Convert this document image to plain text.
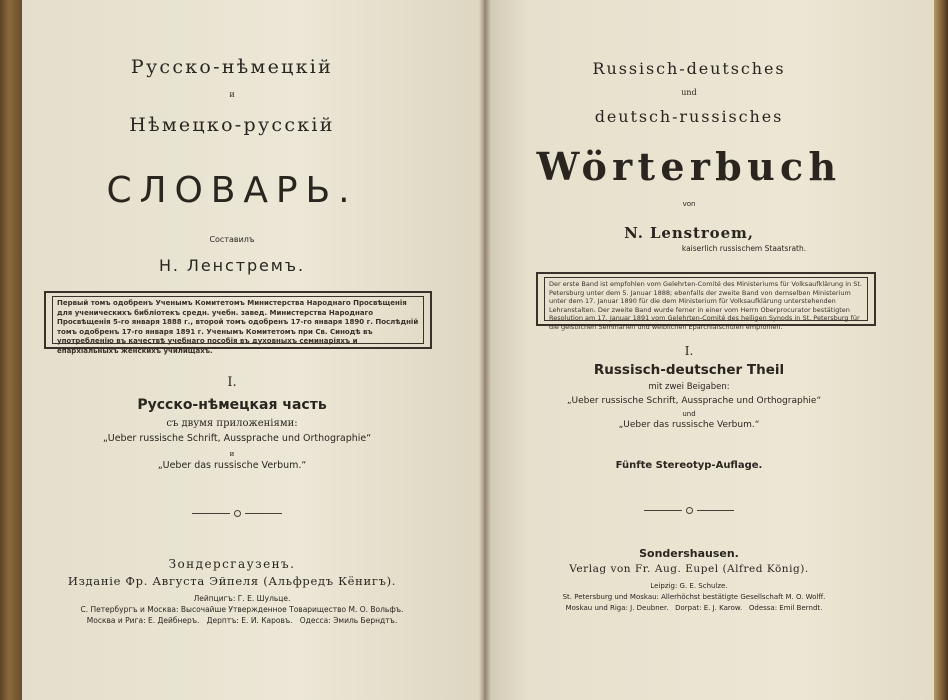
Русско-нѣмецкiй
и
Нѣмецко-русскiй
СЛОВАРЬ.
Составилъ
Н. Ленстремъ.
Первый томъ одобренъ Ученымъ Комитетомъ Министерства Народнаго Просвѣщенiя для ученическихъ библiотекъ средн. учебн. завед. Министерства Народнаго Просвѣщенiя 5-го января 1888 г., второй томъ одобренъ 17-го января 1890 г. Послѣднiй томъ одобренъ 17-го января 1891 г. Ученымъ Комитетомъ при Св. Синодѣ въ употребленiю въ качествѣ учебнаго пособiя въ духовныхъ семинарiяхъ и епархiальныхъ женскихъ училищахъ.
I.
Русско-нѣмецкая часть
съ двумя приложенiями:
„Ueber russische Schrift, Aussprache und Orthographie“
и
„Ueber das russische Verbum.“
Зондерсгаузенъ.
Изданiе Фр. Августа Эйпеля (Альфредъ Кёнигъ).
Лейпцигъ: Г. Е. Шульце.
С. Петербургъ и Москва: Высочайше Утвержденное Товарищество М. О. Вольфъ.
Москва и Рига: Е. Дейбнеръ. Дерптъ: Е. И. Каровъ. Одесса: Эмиль Берндтъ.
Russisch-deutsches
und
deutsch-russisches
Wörterbuch
von
N. Lenstroem,
kaiserlich russischem Staatsrath.
Der erste Band ist empfohlen vom Gelehrten-Comité des Ministeriums für Volksaufklärung in St. Petersburg unter dem 5. Januar 1888; ebenfalls der zweite Band von demselben Ministerium unter dem 17. Januar 1890 für die dem Ministerium für Volksaufklärung unterstehenden Lehranstalten. Der zweite Band wurde ferner in einer vom Herrn Oberprocurator bestätigten Resolution am 17. Januar 1891 vom Gelehrten-Comité des heiligen Synods in St. Petersburg für die geistlichen Seminarien und weiblichen Eparchialschulen empfohlen.
I.
Russisch-deutscher Theil
mit zwei Beigaben:
„Ueber russische Schrift, Aussprache und Orthographie“
und
„Ueber das russische Verbum.“
Fünfte Stereotyp-Auflage.
Sondershausen.
Verlag von Fr. Aug. Eupel (Alfred König).
Leipzig: G. E. Schulze.
St. Petersburg und Moskau: Allerhöchst bestätigte Gesellschaft M. O. Wolff.
Moskau und Riga: J. Deubner. Dorpat: E. J. Karow. Odessa: Emil Berndt.
